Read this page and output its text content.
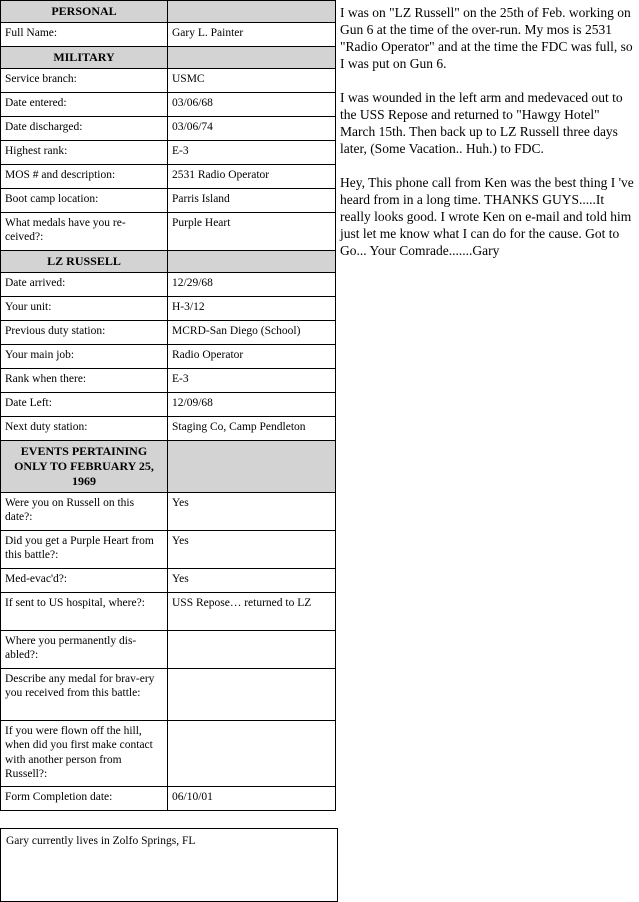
PERSONAL	
Full Name:	Gary L. Painter
MILITARY	
Service branch:	USMC
Date entered:	03/06/68
Date discharged:	03/06/74
Highest rank:	E-3
MOS # and description:	2531 Radio Operator
Boot camp location:	Parris Island
What medals have you re-ceived?:	Purple Heart
LZ RUSSELL	
Date arrived:	12/29/68
Your unit:	H-3/12
Previous duty station:	MCRD-San Diego (School)
Your main job:	Radio Operator
Rank when there:	E-3
Date Left:	12/09/68
Next duty station:	Staging Co, Camp Pendleton
EVENTS PERTAINING ONLY TO FEBRUARY 25, 1969	
Were you on Russell on this date?:	Yes
Did you get a Purple Heart from this battle?:	Yes
Med-evac'd?:	Yes
If sent to US hospital, where?:	USS Repose… returned to LZ
Where you permanently dis-abled?:	
Describe any medal for brav-ery you received from this battle:	
If you were flown off the hill, when did you first make contact with another person from Russell?:	
Form Completion date:	06/10/01
Gary currently lives in Zolfo Springs, FL

I was on "LZ Russell" on the 25th of Feb. working on Gun 6 at the time of the over-run. My mos is 2531 "Radio Operator" and at the time the FDC was full, so I was put on Gun 6.

I was wounded in the left arm and medevaced out to the USS Repose and returned to "Hawgy Hotel" March 15th. Then back up to LZ Russell three days later, (Some Vacation.. Huh.) to FDC.

Hey, This phone call from Ken was the best thing I 've heard from in a long time. THANKS GUYS.....It really looks good. I wrote Ken on e-mail and told him just let me know what I can do for the cause. Got to Go... Your Comrade.......Gary
